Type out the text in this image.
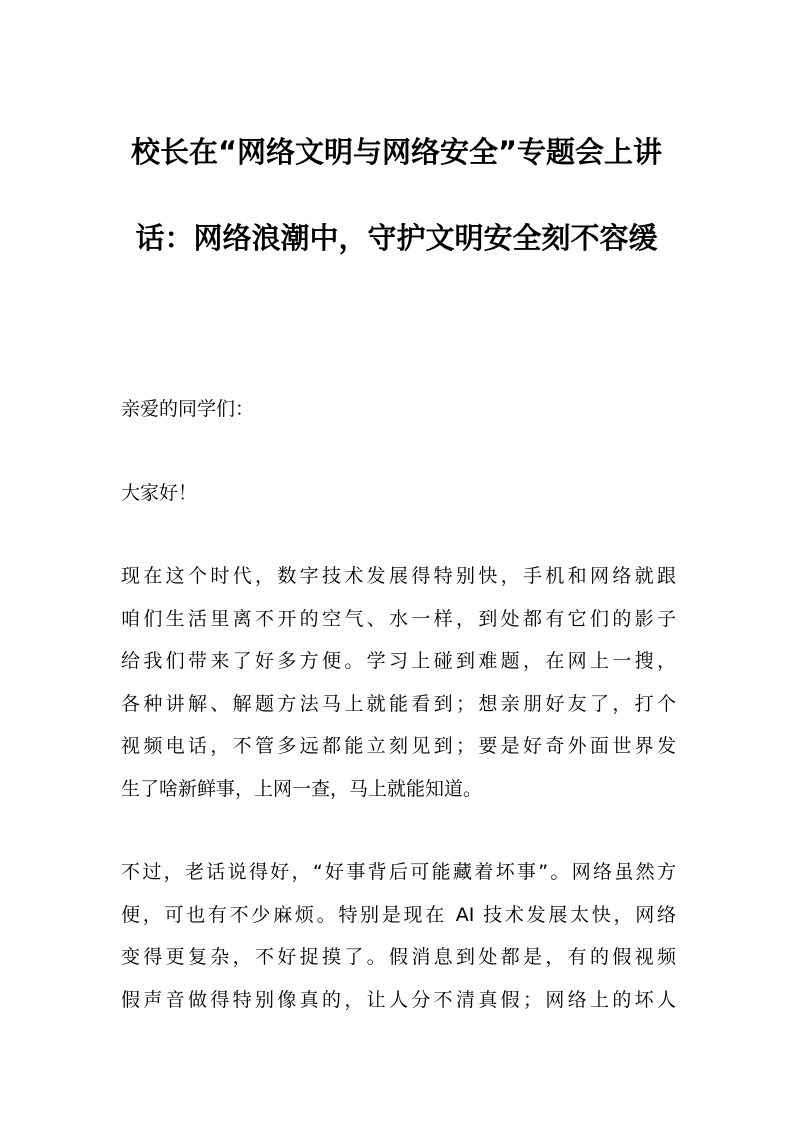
校长在“网络文明与网络安全”专题会上讲

话：网络浪潮中，守护文明安全刻不容缓

亲爱的同学们：

大家好！

现在这个时代，数字技术发展得特别快，手机和网络就跟
咱们生活里离不开的空气、水一样，到处都有它们的影子
给我们带来了好多方便。学习上碰到难题，在网上一搜，
各种讲解、解题方法马上就能看到；想亲朋好友了，打个
视频电话，不管多远都能立刻见到；要是好奇外面世界发
生了啥新鲜事，上网一查，马上就能知道。

不过，老话说得好，“好事背后可能藏着坏事”。网络虽然方
便，可也有不少麻烦。特别是现在 AI 技术发展太快，网络
变得更复杂，不好捉摸了。假消息到处都是，有的假视频
假声音做得特别像真的，让人分不清真假；网络上的坏人
